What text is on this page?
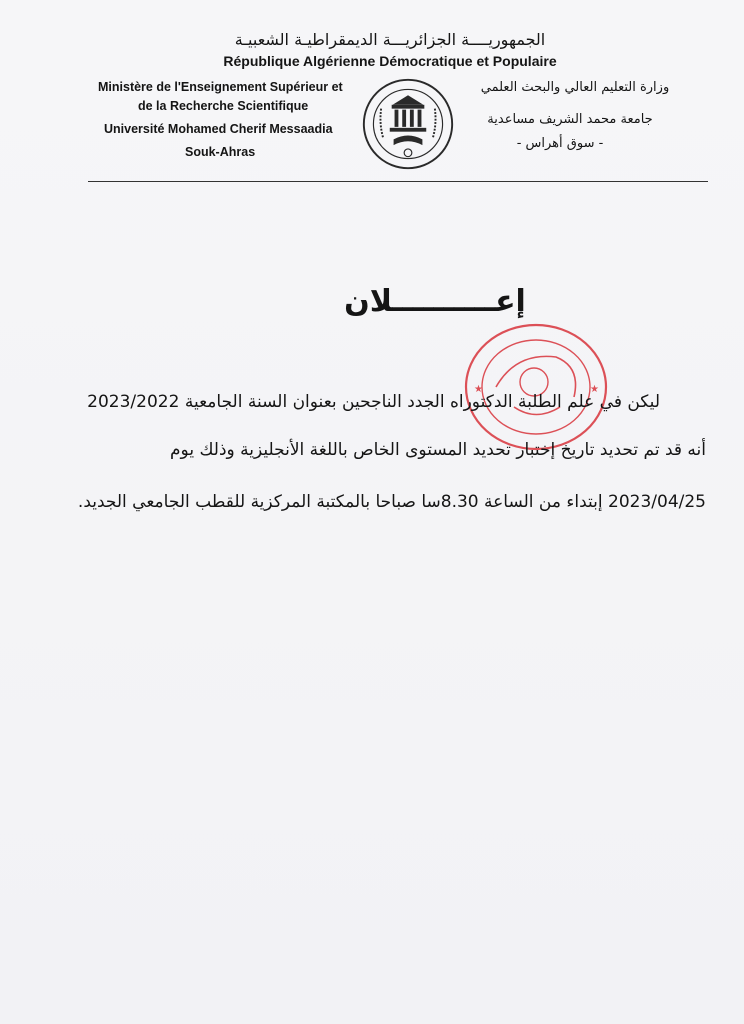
الجمهوريــــة الجزائريـــة الديمقراطيـة الشعبيـة
République Algérienne Démocratique et Populaire
Ministère de l'Enseignement Supérieur et
de la Recherche Scientifique
Université Mohamed Cherif Messaadia
Souk-Ahras
وزارة التعليم العالي والبحث العلمي
جامعة محمد الشريف مساعدية
- سوق أهراس -
★	★
إعــــــــــلان
ليكن في علم الطلبة الدكتوراه الجدد الناجحين بعنوان السنة الجامعية 2023/2022
أنه قد تم تحديد تاريخ إختبار تحديد المستوى الخاص باللغة الأنجليزية وذلك يوم
2023/04/25 إبتداء من الساعة 8.30سا صباحا بالمكتبة المركزية للقطب الجامعي الجديد.
